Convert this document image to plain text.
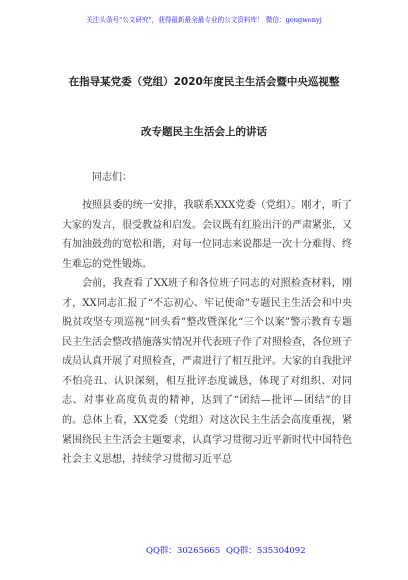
关注头条号"公文研究"，获得最新最全最专业的公文资料库！ 微信：gongwenyj
在指导某党委（党组）2020年度民主生活会暨中央巡视整
改专题民主生活会上的讲话
同志们：

按照县委的统一安排，我联系XXX党委（党组）。刚才，听了大家的发言，很受教益和启发。会议既有红脸出汗的严肃紧张，又有加油鼓劲的宽松和谐，对每一位同志来说都是一次十分难得、终生难忘的党性锻炼。

会前，我查看了XX班子和各位班子同志的对照检查材料，刚才，XX同志汇报了“不忘初心、牢记使命”专题民主生活会和中央脱贫攻坚专项巡视“回头看”整改暨深化“三个以案”警示教育专题民主生活会整改措施落实情况并代表班子作了对照检查，各位班子成员认真开展了对照检查，严肃进行了相互批评。大家的自我批评不怕亮丑、认识深刻，相互批评态度诚恳，体现了对组织、对同志、对事业高度负责的精神，达到了“团结—批评—团结”的目的。总体上看，XX党委（党组）对这次民主生活会高度重视，紧紧围绕民主生活会主题要求，认真学习贯彻习近平新时代中国特色社会主义思想，持续学习贯彻习近平总

QQ群：30265665 QQ群：535304092
